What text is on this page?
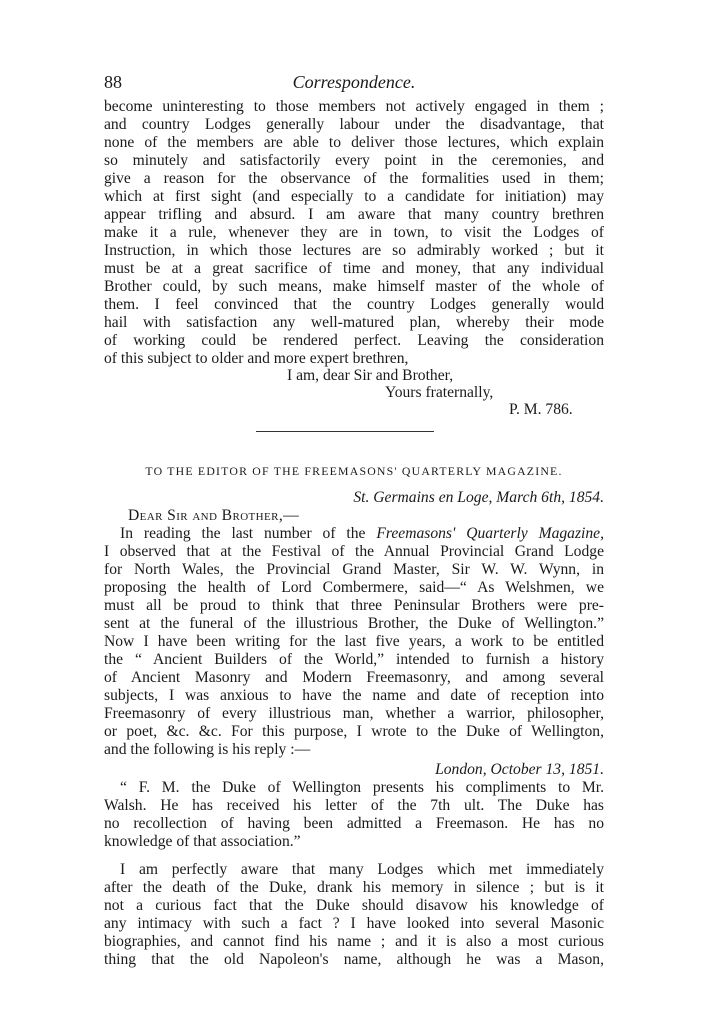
88	Correspondence.
become uninteresting to those members not actively engaged in them ;
and country Lodges generally labour under the disadvantage, that
none of the members are able to deliver those lectures, which explain
so minutely and satisfactorily every point in the ceremonies, and
give a reason for the observance of the formalities used in them;
which at first sight (and especially to a candidate for initiation) may
appear trifling and absurd. I am aware that many country brethren
make it a rule, whenever they are in town, to visit the Lodges of
Instruction, in which those lectures are so admirably worked ; but it
must be at a great sacrifice of time and money, that any individual
Brother could, by such means, make himself master of the whole of
them. I feel convinced that the country Lodges generally would
hail with satisfaction any well-matured plan, whereby their mode
of working could be rendered perfect. Leaving the consideration
of this subject to older and more expert brethren,
I am, dear Sir and Brother,
Yours fraternally,
P. M. 786.
TO THE EDITOR OF THE FREEMASONS' QUARTERLY MAGAZINE.
St. Germains en Loge, March 6th, 1854.
Dear Sir and Brother,—
In reading the last number of the Freemasons' Quarterly Magazine,
I observed that at the Festival of the Annual Provincial Grand Lodge
for North Wales, the Provincial Grand Master, Sir W. W. Wynn, in
proposing the health of Lord Combermere, said—“ As Welshmen, we
must all be proud to think that three Peninsular Brothers were pre-
sent at the funeral of the illustrious Brother, the Duke of Wellington.”
Now I have been writing for the last five years, a work to be entitled
the “ Ancient Builders of the World,” intended to furnish a history
of Ancient Masonry and Modern Freemasonry, and among several
subjects, I was anxious to have the name and date of reception into
Freemasonry of every illustrious man, whether a warrior, philosopher,
or poet, &c. &c. For this purpose, I wrote to the Duke of Wellington,
and the following is his reply :—
London, October 13, 1851.
“ F. M. the Duke of Wellington presents his compliments to Mr.
Walsh. He has received his letter of the 7th ult. The Duke has
no recollection of having been admitted a Freemason. He has no
knowledge of that association.”
I am perfectly aware that many Lodges which met immediately
after the death of the Duke, drank his memory in silence ; but is it
not a curious fact that the Duke should disavow his knowledge of
any intimacy with such a fact ? I have looked into several Masonic
biographies, and cannot find his name ; and it is also a most curious
thing that the old Napoleon's name, although he was a Mason,
